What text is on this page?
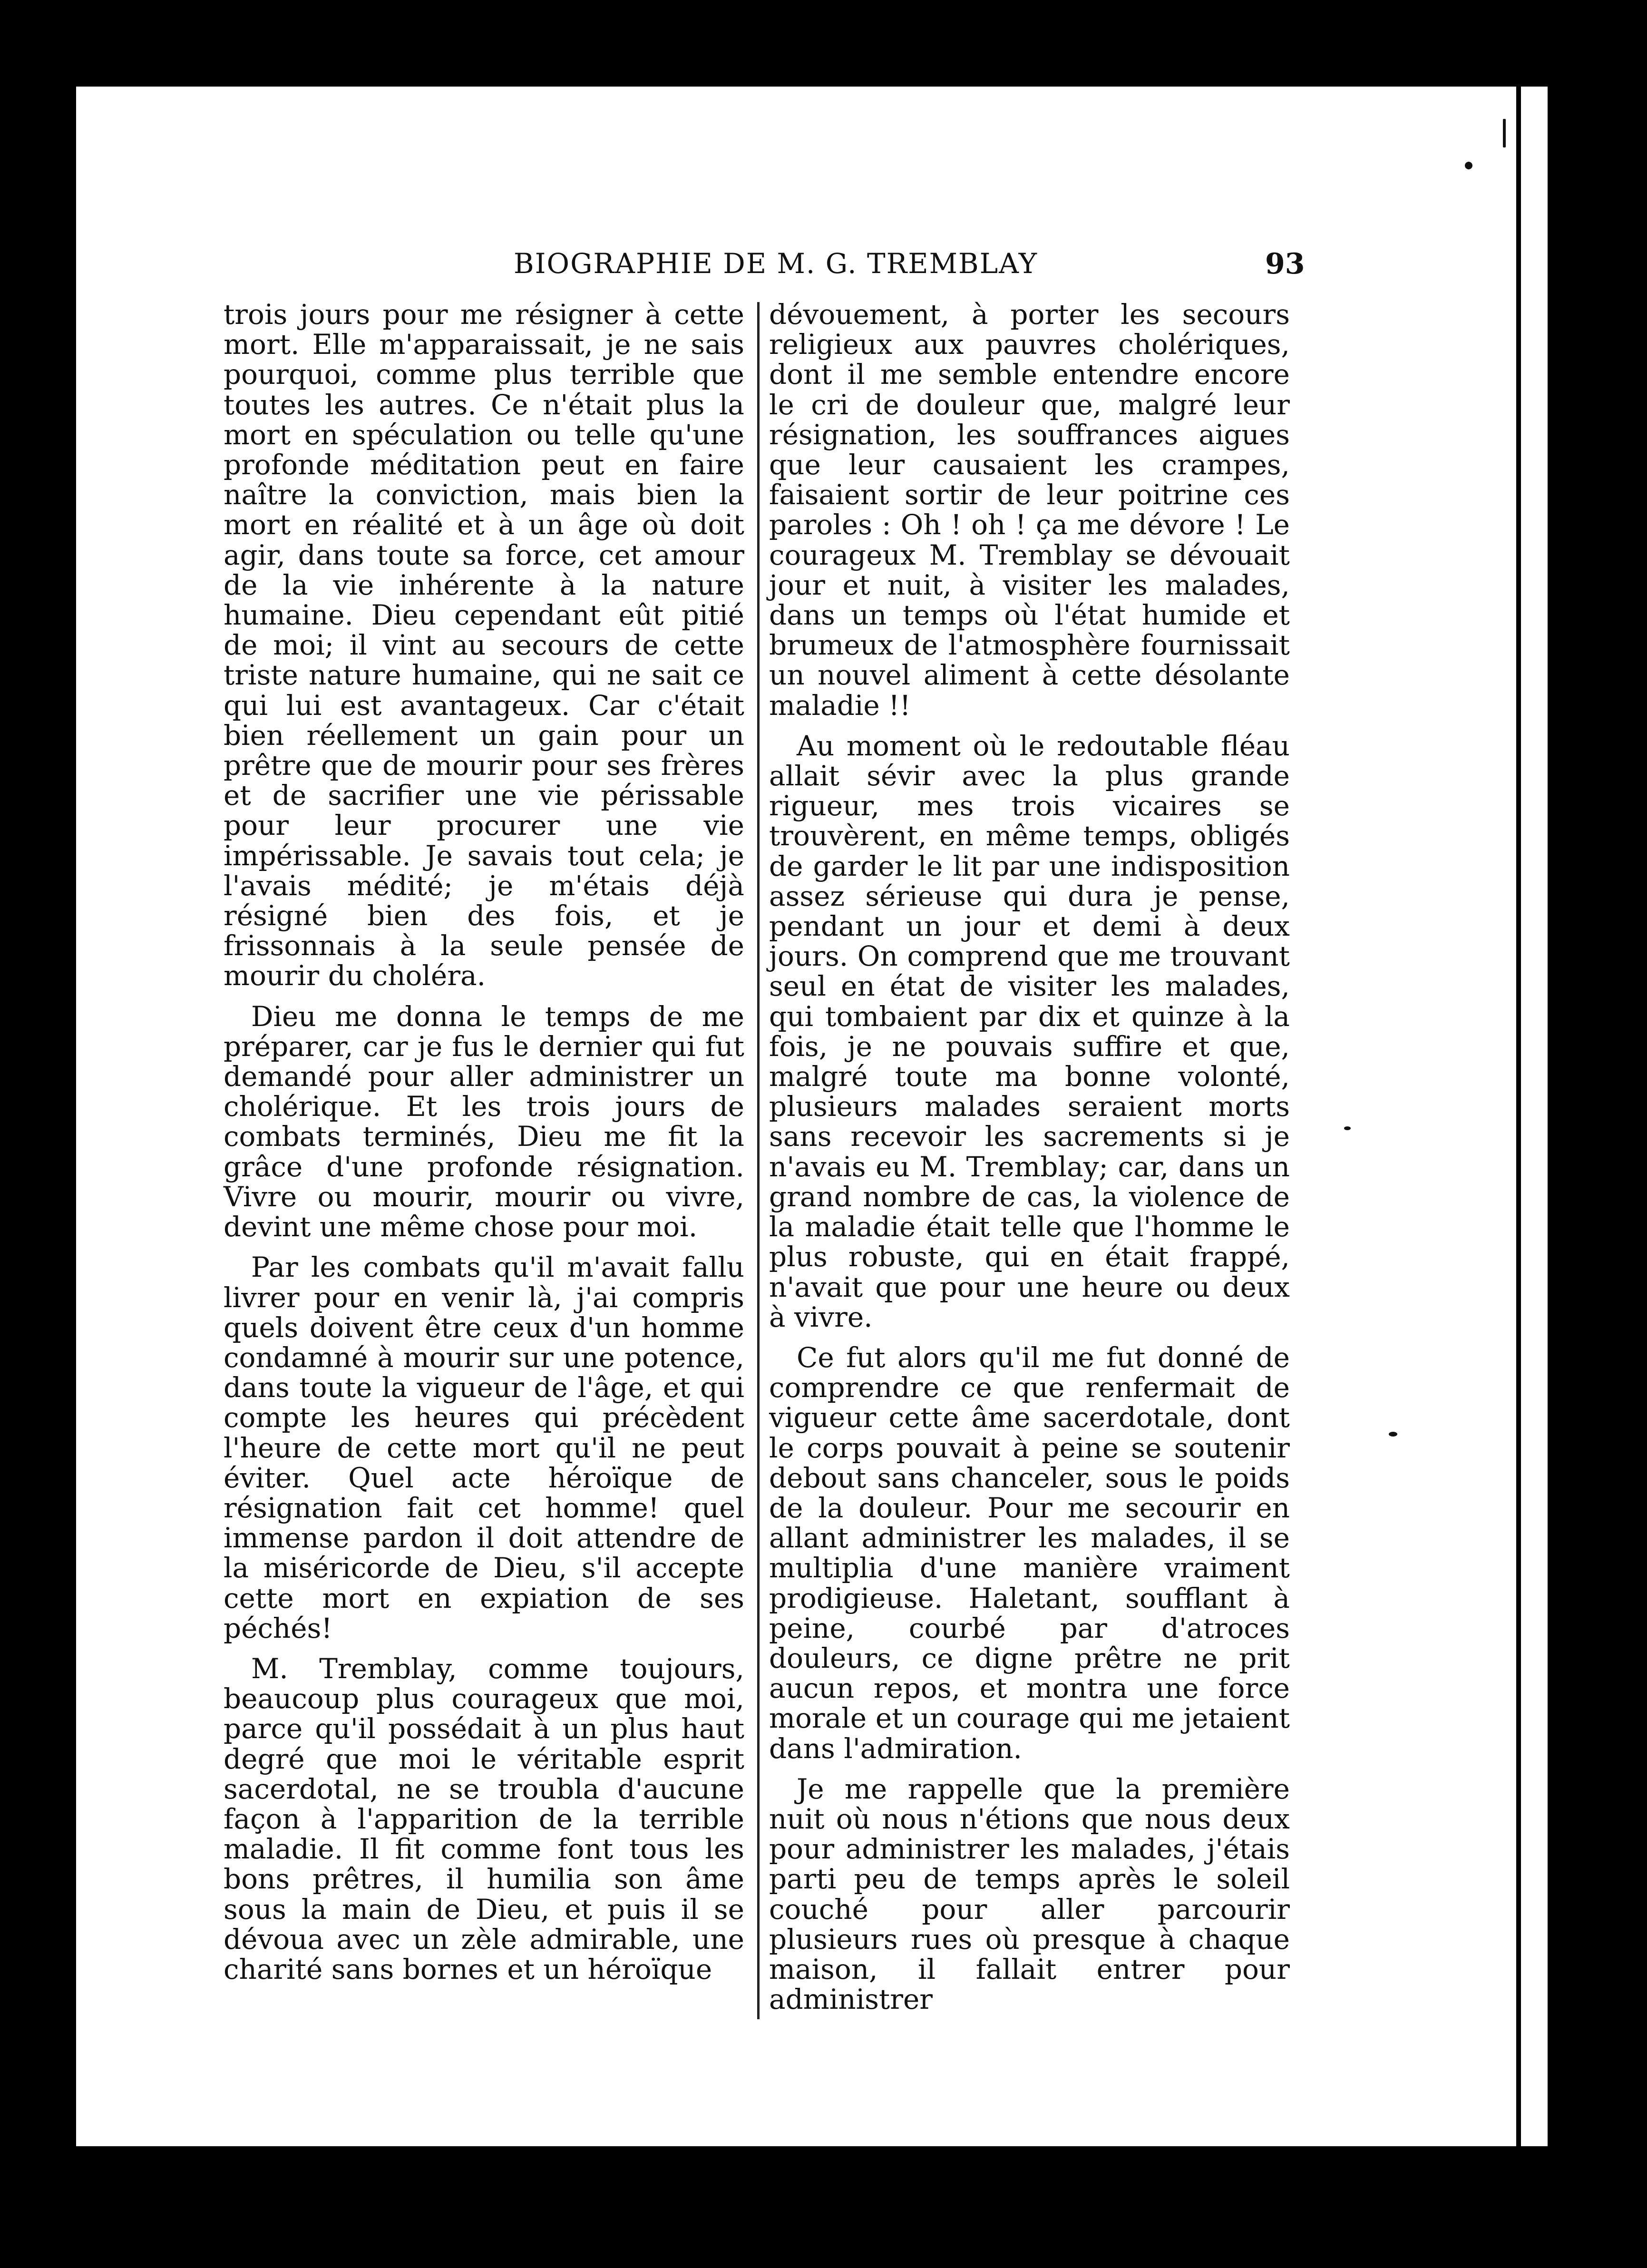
BIOGRAPHIE DE M. G. TREMBLAY	93

trois jours pour me résigner à cette mort. Elle m'apparaissait, je ne sais pourquoi, comme plus terrible que toutes les autres. Ce n'était plus la mort en spéculation ou telle qu'une profonde méditation peut en faire naître la conviction, mais bien la mort en réalité et à un âge où doit agir, dans toute sa force, cet amour de la vie inhérente à la nature humaine. Dieu cependant eût pitié de moi; il vint au secours de cette triste nature humaine, qui ne sait ce qui lui est avantageux. Car c'était bien réellement un gain pour un prêtre que de mourir pour ses frères et de sacrifier une vie périssable pour leur procurer une vie impérissable. Je savais tout cela; je l'avais médité; je m'étais déjà résigné bien des fois, et je frissonnais à la seule pensée de mourir du choléra.

Dieu me donna le temps de me préparer, car je fus le dernier qui fut demandé pour aller administrer un cholérique. Et les trois jours de combats terminés, Dieu me fit la grâce d'une profonde résignation. Vivre ou mourir, mourir ou vivre, devint une même chose pour moi.

Par les combats qu'il m'avait fallu livrer pour en venir là, j'ai compris quels doivent être ceux d'un homme condamné à mourir sur une potence, dans toute la vigueur de l'âge, et qui compte les heures qui précèdent l'heure de cette mort qu'il ne peut éviter. Quel acte héroïque de résignation fait cet homme! quel immense pardon il doit attendre de la miséricorde de Dieu, s'il accepte cette mort en expiation de ses péchés!

M. Tremblay, comme toujours, beaucoup plus courageux que moi, parce qu'il possédait à un plus haut degré que moi le véritable esprit sacerdotal, ne se troubla d'aucune façon à l'apparition de la terrible maladie. Il fit comme font tous les bons prêtres, il humilia son âme sous la main de Dieu, et puis il se dévoua avec un zèle admirable, une charité sans bornes et un héroïque

dévouement, à porter les secours religieux aux pauvres cholériques, dont il me semble entendre encore le cri de douleur que, malgré leur résignation, les souffrances aigues que leur causaient les crampes, faisaient sortir de leur poitrine ces paroles : Oh ! oh ! ça me dévore ! Le courageux M. Tremblay se dévouait jour et nuit, à visiter les malades, dans un temps où l'état humide et brumeux de l'atmosphère fournissait un nouvel aliment à cette désolante maladie !!

Au moment où le redoutable fléau allait sévir avec la plus grande rigueur, mes trois vicaires se trouvèrent, en même temps, obligés de garder le lit par une indisposition assez sérieuse qui dura je pense, pendant un jour et demi à deux jours. On comprend que me trouvant seul en état de visiter les malades, qui tombaient par dix et quinze à la fois, je ne pouvais suffire et que, malgré toute ma bonne volonté, plusieurs malades seraient morts sans recevoir les sacrements si je n'avais eu M. Tremblay; car, dans un grand nombre de cas, la violence de la maladie était telle que l'homme le plus robuste, qui en était frappé, n'avait que pour une heure ou deux à vivre.

Ce fut alors qu'il me fut donné de comprendre ce que renfermait de vigueur cette âme sacerdotale, dont le corps pouvait à peine se soutenir debout sans chanceler, sous le poids de la douleur. Pour me secourir en allant administrer les malades, il se multiplia d'une manière vraiment prodigieuse. Haletant, soufflant à peine, courbé par d'atroces douleurs, ce digne prêtre ne prit aucun repos, et montra une force morale et un courage qui me jetaient dans l'admiration.

Je me rappelle que la première nuit où nous n'étions que nous deux pour administrer les malades, j'étais parti peu de temps après le soleil couché pour aller parcourir plusieurs rues où presque à chaque maison, il fallait entrer pour administrer
